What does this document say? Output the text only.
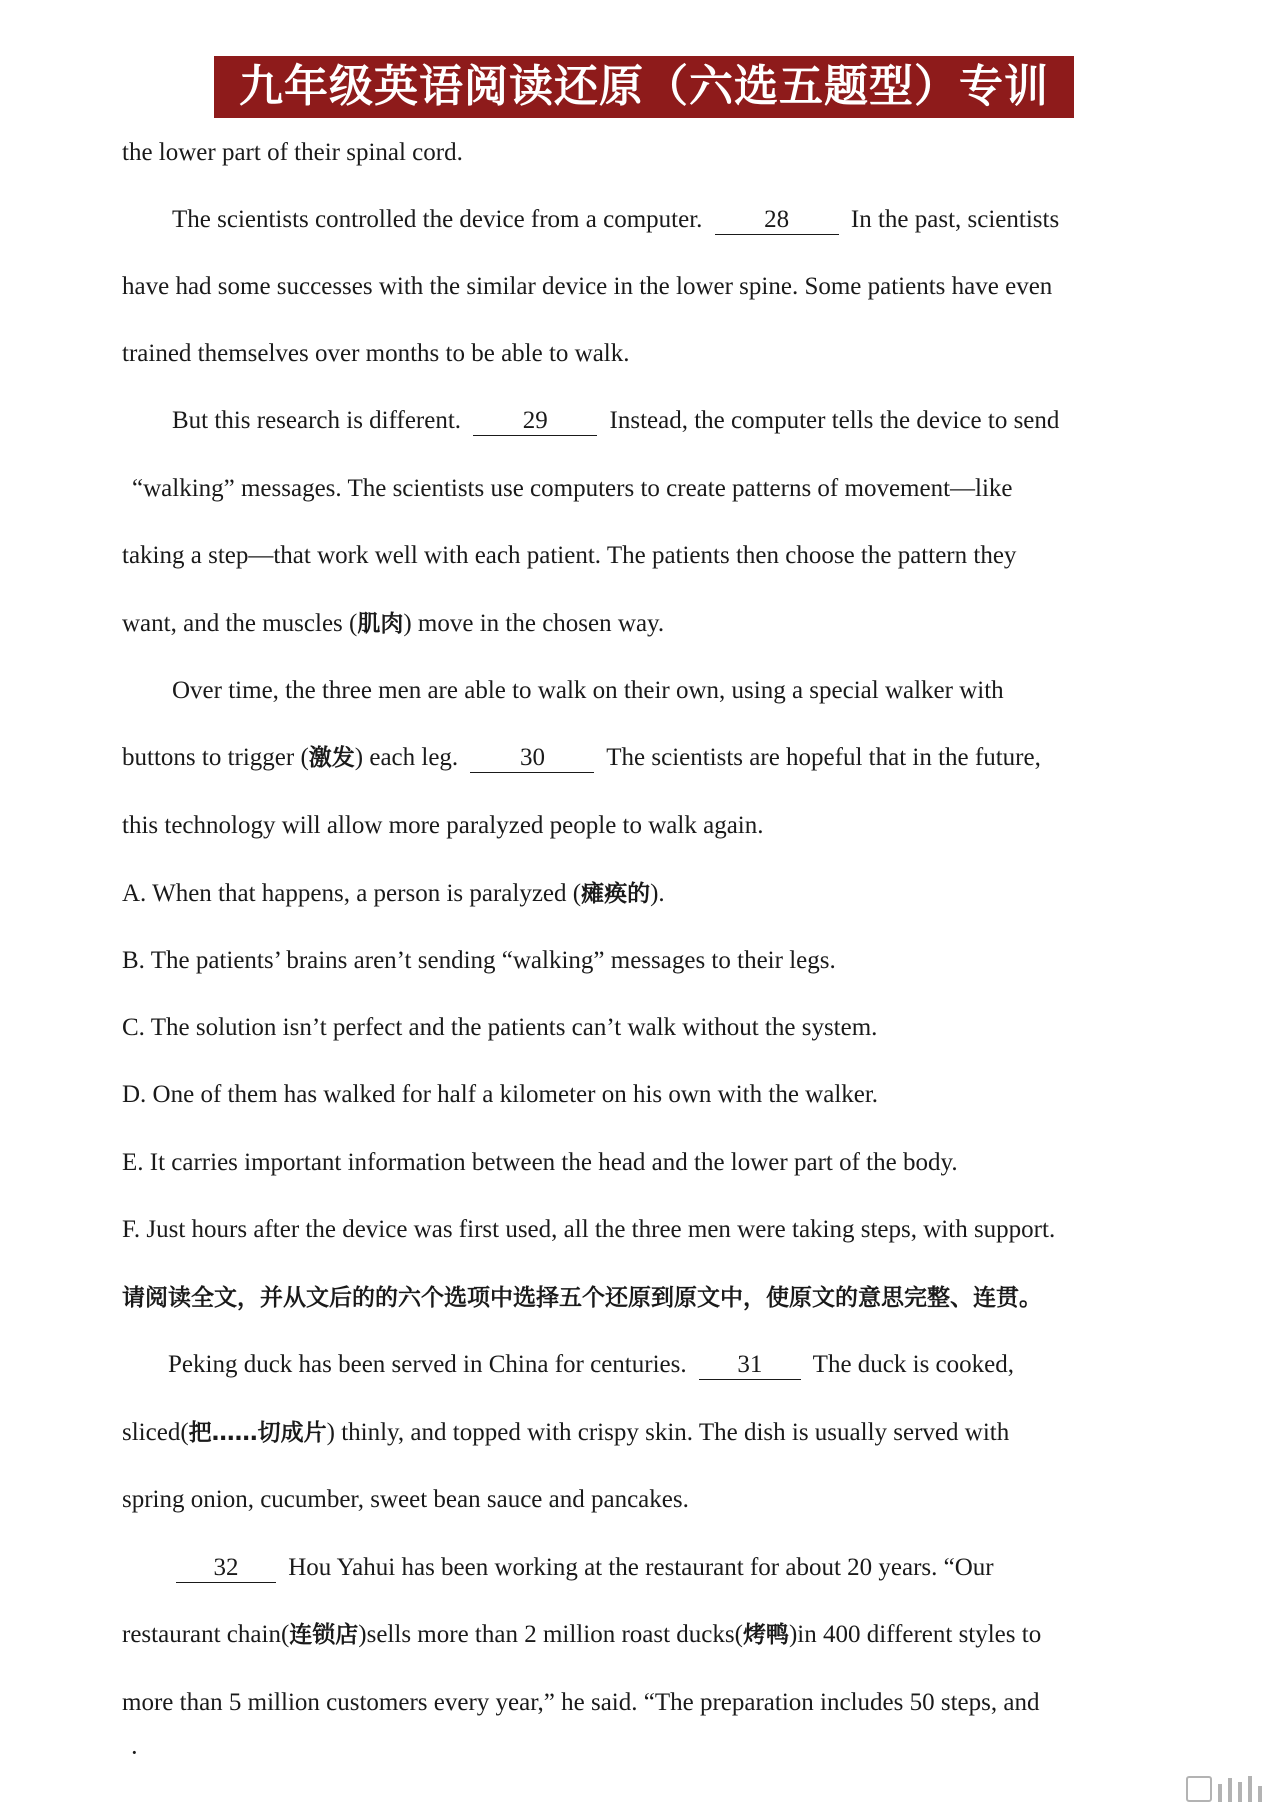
九年级英语阅读还原（六选五题型）专训
the lower part of their spinal cord.
The scientists controlled the device from a computer. 28 In the past, scientists
have had some successes with the similar device in the lower spine. Some patients have even
trained themselves over months to be able to walk.
But this research is different. 29 Instead, the computer tells the device to send
“walking” messages. The scientists use computers to create patterns of movement—like
taking a step—that work well with each patient. The patients then choose the pattern they
want, and the muscles (肌肉) move in the chosen way.
Over time, the three men are able to walk on their own, using a special walker with
buttons to trigger (激发) each leg. 30 The scientists are hopeful that in the future,
this technology will allow more paralyzed people to walk again.
A. When that happens, a person is paralyzed (瘫痪的).
B. The patients’ brains aren’t sending “walking” messages to their legs.
C. The solution isn’t perfect and the patients can’t walk without the system.
D. One of them has walked for half a kilometer on his own with the walker.
E. It carries important information between the head and the lower part of the body.
F. Just hours after the device was first used, all the three men were taking steps, with support.
请阅读全文，并从文后的的六个选项中选择五个还原到原文中，使原文的意思完整、连贯。
Peking duck has been served in China for centuries. 31 The duck is cooked,
sliced(把……切成片) thinly, and topped with crispy skin. The dish is usually served with
spring onion, cucumber, sweet bean sauce and pancakes.
32 Hou Yahui has been working at the restaurant for about 20 years. “Our
restaurant chain(连锁店)sells more than 2 million roast ducks(烤鸭)in 400 different styles to
more than 5 million customers every year,” he said. “The preparation includes 50 steps, and
·
